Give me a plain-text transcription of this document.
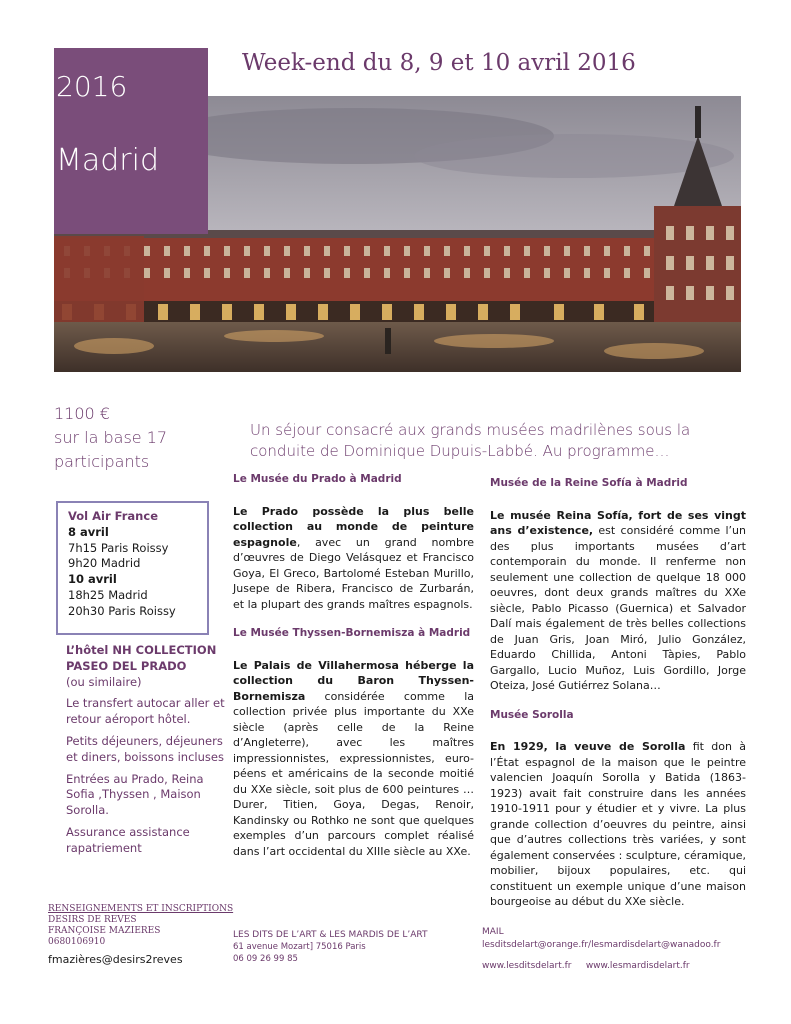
2016
Madrid
Week-end du 8, 9 et 10 avril 2016
1100 €
sur la base 17
participants
Vol Air France
8 avril
7h15 Paris Roissy
9h20 Madrid
10 avril
18h25 Madrid
20h30 Paris Roissy
L’hôtel NH COLLECTION
PASEO DEL PRADO

(ou similaire)

Le transfert autocar aller et retour aéroport hôtel.

Petits déjeuners, déjeuners et diners, boissons incluses

Entrées au Prado, Reina Sofia ,Thyssen , Maison Sorolla.

Assurance assistance rapatriement

Un séjour consacré aux grands musées madrilènes sous la conduite de Dominique Dupuis-Labbé. Au programme…
Le Musée du Prado à Madrid
Le Prado possède la plus belle collection au monde de peinture espagnole, avec un grand nombre d’œuvres de Diego Velásquez et Francisco Goya, El Greco, Bartolomé Esteban Murillo, Jusepe de Ribera, Francisco de Zurbarán, et la plupart des grands maîtres espagnols.
Le Musée Thyssen-Bornemisza à Madrid
Le Palais de Villahermosa héberge la collection du Baron Thyssen-Bornemisza considérée comme la collection privée plus importante du XXe siècle (après celle de la Reine d’Angleterre), avec les maîtres impressionnistes, expressionnistes, euro-péens et américains de la seconde moitié du XXe siècle, soit plus de 600 peintures … Durer, Titien, Goya, Degas, Renoir, Kandinsky ou Rothko ne sont que quelques exemples d’un parcours complet réalisé dans l’art occidental du XIIIe siècle au XXe.
Musée de la Reine Sofía à Madrid
Le musée Reina Sofía, fort de ses vingt ans d’existence, est considéré comme l’un des plus importants musées d’art contemporain du monde. Il renferme non seulement une collection de quelque 18 000 oeuvres, dont deux grands maîtres du XXe siècle, Pablo Picasso (Guernica) et Salvador Dalí mais également de très belles collections de Juan Gris, Joan Miró, Julio González, Eduardo Chillida, Antoni Tàpies, Pablo Gargallo, Lucio Muñoz, Luis Gordillo, Jorge Oteiza, José Gutiérrez Solana…
Musée Sorolla
En 1929, la veuve de Sorolla fit don à l’État espagnol de la maison que le peintre valencien Joaquín Sorolla y Batida (1863-1923) avait fait construire dans les années 1910-1911 pour y étudier et y vivre. La plus grande collection d’oeuvres du peintre, ainsi que d’autres collections très variées, y sont également conservées : sculpture, céramique, mobilier, bijoux populaires, etc. qui constituent un exemple unique d’une maison bourgeoise au début du XXe siècle.
RENSEIGNEMENTS ET INSCRIPTIONS
DESIRS DE REVES
FRANÇOISE MAZIERES
0680106910
fmazières@desirs2reves
LES DITS DE L’ART & LES MARDIS DE L’ART
61 avenue Mozart] 75016 Paris
06 09 26 99 85
MAIL
lesditsdelart@orange.fr/lesmardisdelart@wanadoo.fr
www.lesditsdelart.fr www.lesmardisdelart.fr
